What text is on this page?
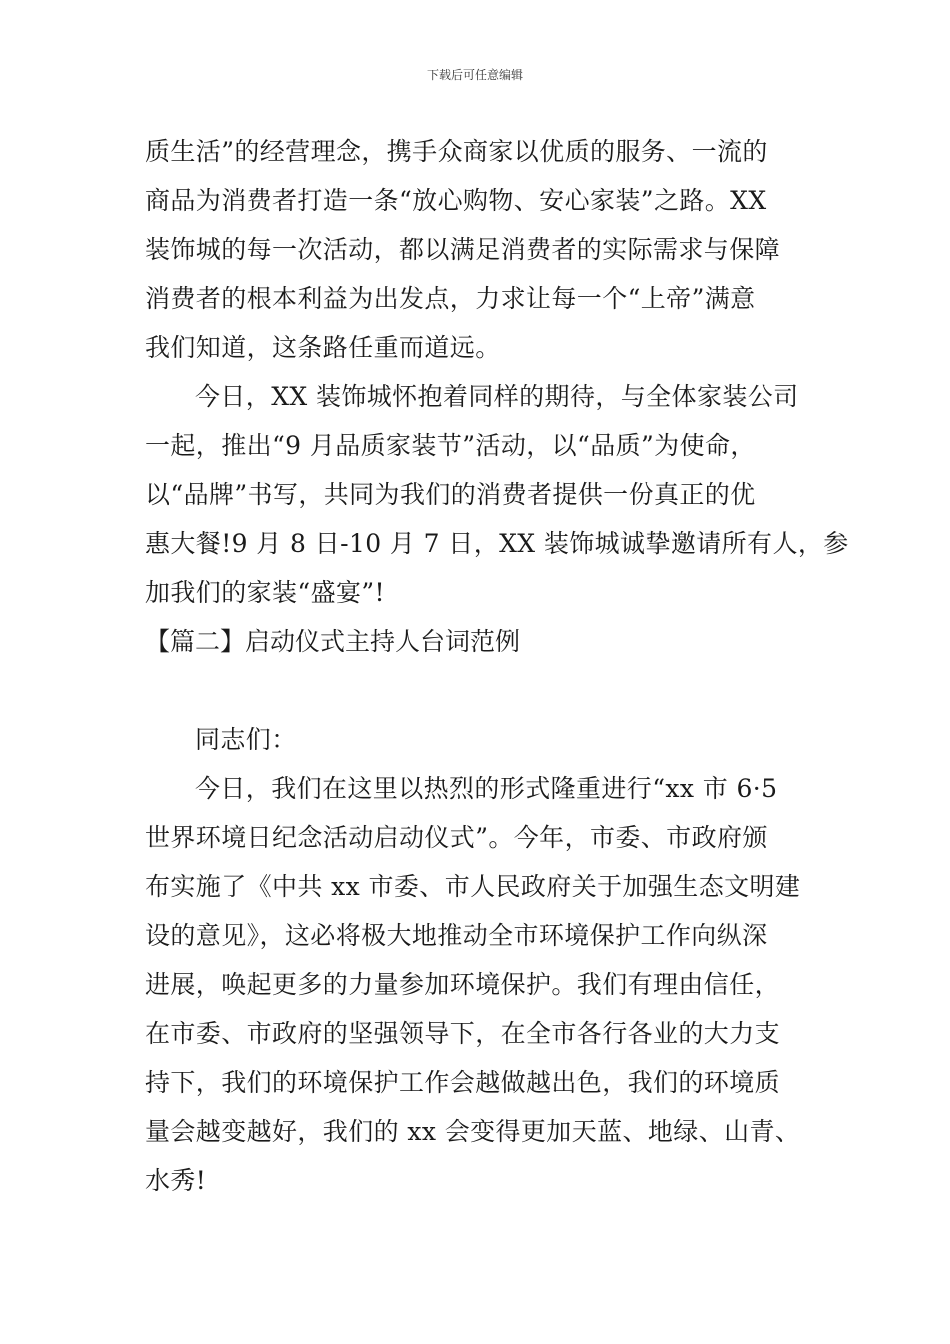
下载后可任意编辑
质生活”的经营理念，携手众商家以优质的服务、一流的
商品为消费者打造一条“放心购物、安心家装”之路。XX
装饰城的每一次活动，都以满足消费者的实际需求与保障
消费者的根本利益为出发点，力求让每一个“上帝”满意
我们知道，这条路任重而道远。
今日，XX 装饰城怀抱着同样的期待，与全体家装公司
一起，推出“9 月品质家装节”活动，以“品质”为使命，
以“品牌”书写，共同为我们的消费者提供一份真正的优
惠大餐!9 月 8 日-10 月 7 日，XX 装饰城诚挚邀请所有人，参
加我们的家装“盛宴”!
【篇二】启动仪式主持人台词范例
同志们：
今日，我们在这里以热烈的形式隆重进行“xx 市 6·5
世界环境日纪念活动启动仪式”。今年，市委、市政府颁
布实施了《中共 xx 市委、市人民政府关于加强生态文明建
设的意见》，这必将极大地推动全市环境保护工作向纵深
进展，唤起更多的力量参加环境保护。我们有理由信任，
在市委、市政府的坚强领导下，在全市各行各业的大力支
持下，我们的环境保护工作会越做越出色，我们的环境质
量会越变越好，我们的 xx 会变得更加天蓝、地绿、山青、
水秀!
